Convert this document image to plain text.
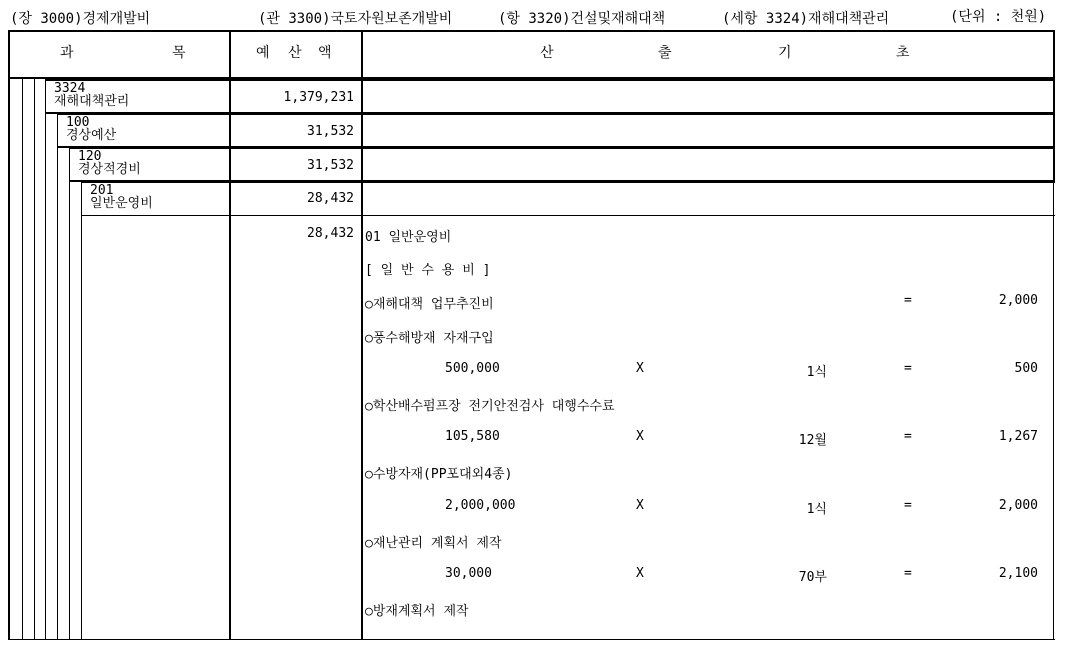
(장 3000)경제개발비	(관 3300)국토자원보존개발비	(항 3320)건설및재해대책	(세항 3324)재해대책관리	(단위 : 천원)
과	목	예 산 액	산	출	기	초
3324
재해대책관리	1,379,231
100
경상예산	31,532
120
경상적경비	31,532
201
일반운영비	28,432
28,432 01 일반운영비
[ 일 반 수 용 비 ]
○재해대책 업무추진비	=	2,000
○풍수해방재 자재구입
500,000	X	1식	=	500
○학산배수펌프장 전기안전검사 대행수수료
105,580	X	12월	=	1,267
○수방자재(PP포대외4종)
2,000,000	X	1식	=	2,000
○재난관리 계획서 제작
30,000	X	70부	=	2,100
○방재계획서 제작
